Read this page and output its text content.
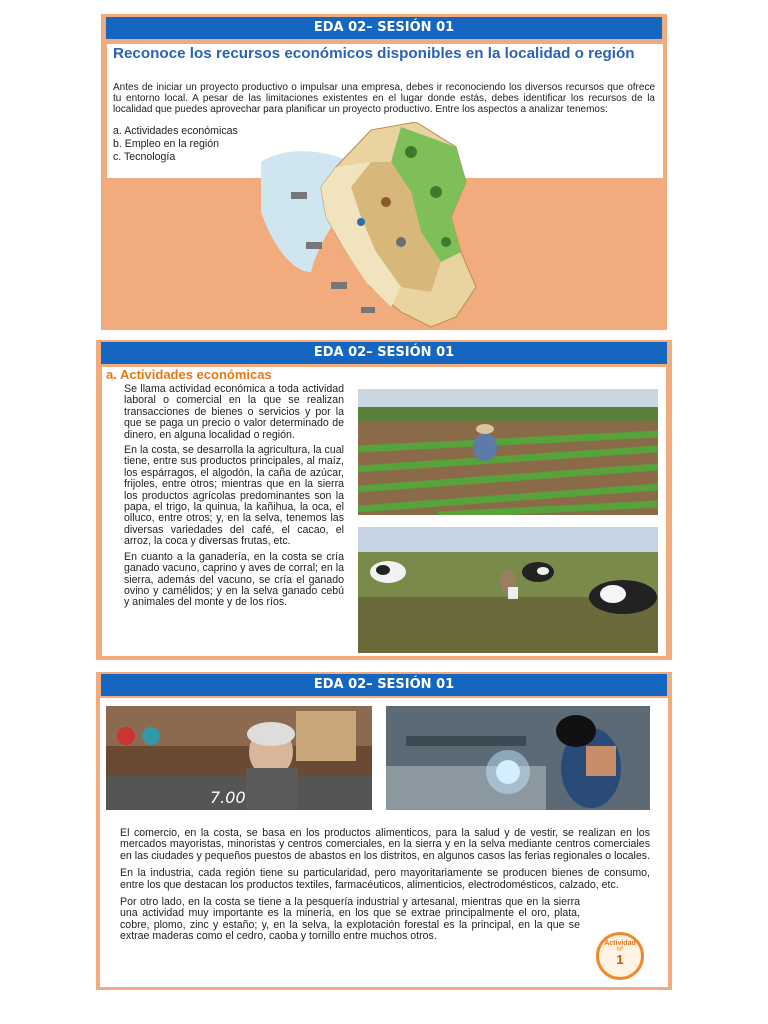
EDA 02– SESIÓN 01
Reconoce los recursos económicos disponibles en la localidad o región
Antes de iniciar un proyecto productivo o impulsar una empresa, debes ir reconociendo los diversos recursos que ofrece tu entorno local. A pesar de las limitaciones existentes en el lugar donde estás, debes identificar los recursos de la localidad que puedes aprovechar para planificar un proyecto productivo. Entre los aspectos a analizar tenemos:
a. Actividades económicas
b. Empleo en la región
c. Tecnología
EDA 02– SESIÓN 01
a. Actividades económicas

Se llama actividad económica a toda actividad laboral o comercial en la que se realizan transacciones de bienes o servicios y por la que se paga un precio o valor determinado de dinero, en alguna localidad o región.

En la costa, se desarrolla la agricultura, la cual tiene, entre sus productos principales, al maíz, los espárragos, el algodón, la caña de azúcar, frijoles, entre otros; mientras que en la sierra los productos agrícolas predominantes son la papa, el trigo, la quinua, la kañihua, la oca, el olluco, entre otros; y, en la selva, tenemos las diversas variedades del café, el cacao, el arroz, la coca y diversas frutas, etc.

En cuanto a la ganadería, en la costa se cría ganado vacuno, caprino y aves de corral; en la sierra, además del vacuno, se cría el ganado ovino y camélidos; y en la selva ganado cebú y animales del monte y de los ríos.

EDA 02– SESIÓN 01
7.00

El comercio, en la costa, se basa en los productos alimenticos, para la salud y de vestir, se realizan en los mercados mayoristas, minoristas y centros comerciales, en la sierra y en la selva mediante centros comerciales en las ciudades y pequeños puestos de abastos en los distritos, en algunos casos las ferias regionales o locales.

En la industria, cada región tiene su particularidad, pero mayoritariamente se producen bienes de consumo, entre los que destacan los productos textiles, farmacéuticos, alimenticios, electrodomésticos, calzado, etc.

Por otro lado, en la costa se tiene a la pesquería industrial y artesanal, mientras que en la sierra una actividad muy importante es la minería, en los que se extrae principalmente el oro, plata, cobre, plomo, zinc y estaño; y, en la selva, la explotación forestal es la principal, en la que se extrae maderas como el cedro, caoba y tornillo entre muchos otros.

Actividad
Nº
1
